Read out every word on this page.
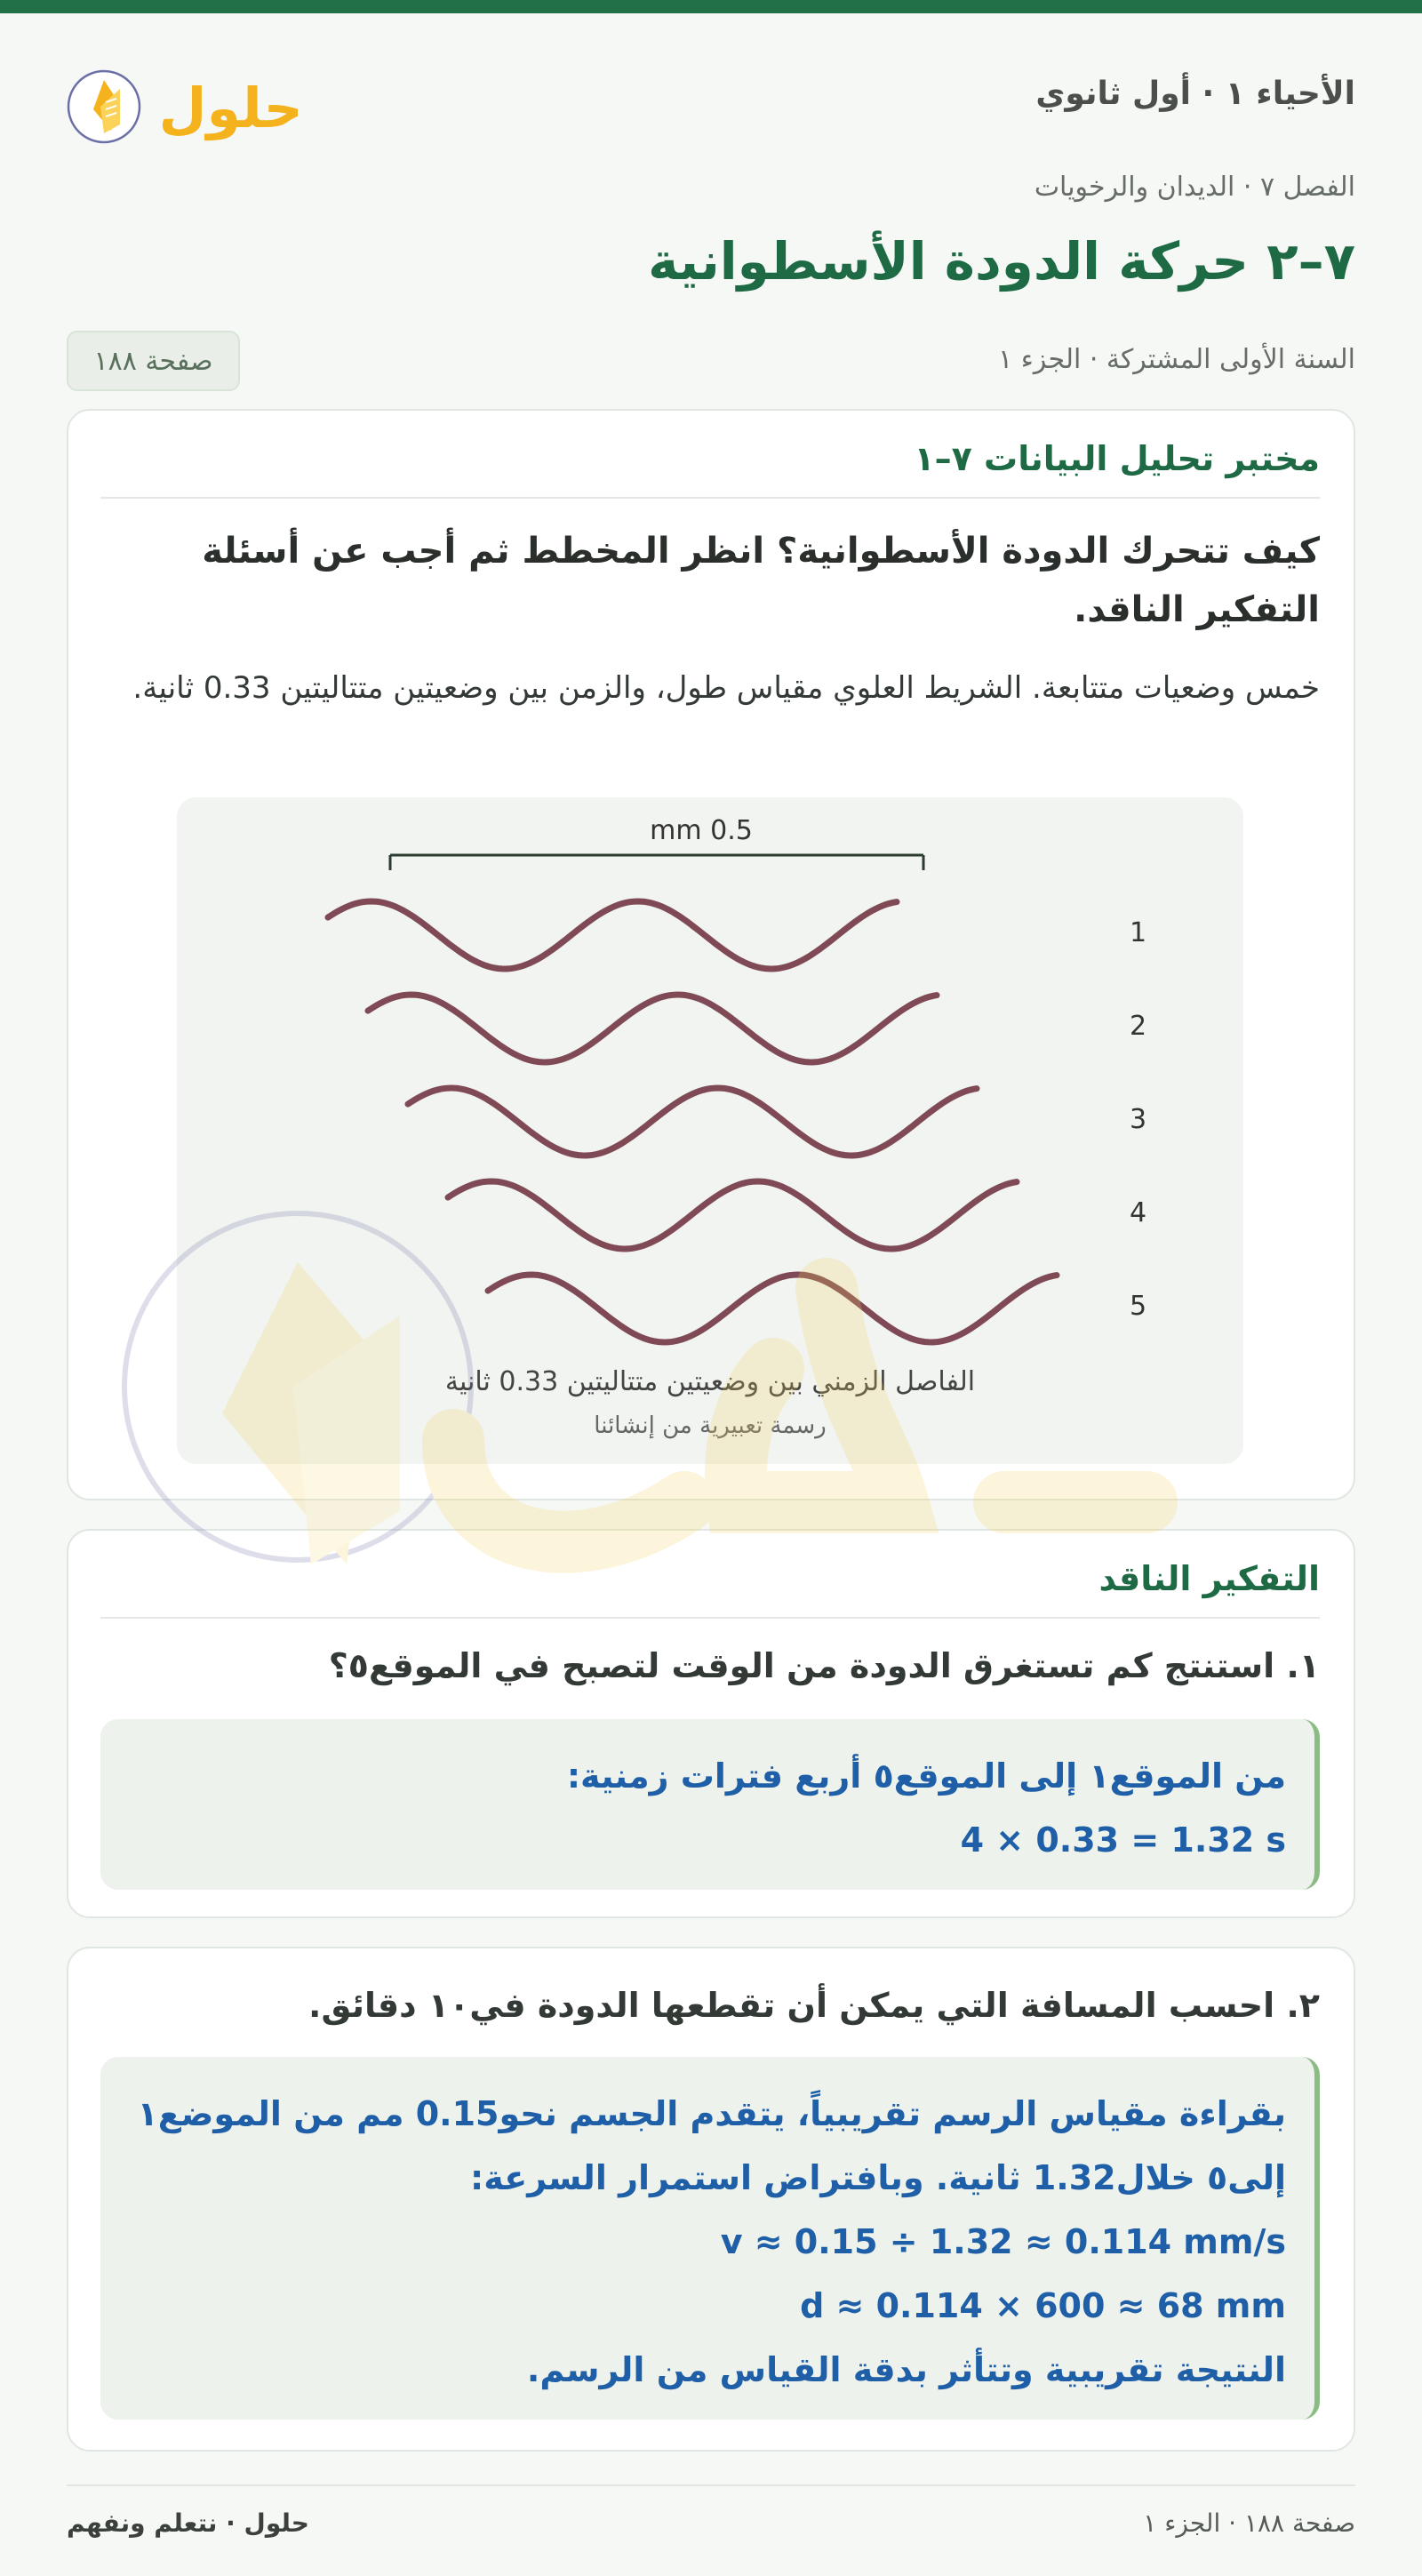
الأحياء ١ · أول ثانوي
حلول
الفصل ٧ · الديدان والرخويات
٧–٢ حركة الدودة الأسطوانية
السنة الأولى المشتركة · الجزء ١
صفحة ١٨٨
مختبر تحليل البيانات ٧–١
كيف تتحرك الدودة الأسطوانية؟ انظر المخطط ثم أجب عن أسئلة التفكير الناقد.
خمس وضعيات متتابعة. الشريط العلوي مقياس طول، والزمن بين وضعيتين متتاليتين 0.33 ثانية.
0.5 mm
1
2
3
4
5
الفاصل الزمني بين وضعيتين متتاليتين 0.33 ثانية
رسمة تعبيرية من إنشائنا
التفكير الناقد
١. استنتج كم تستغرق الدودة من الوقت لتصبح في الموقع٥؟
من الموقع١ إلى الموقع٥ أربع فترات زمنية:
4 × 0.33 = 1.32 s
٢. احسب المسافة التي يمكن أن تقطعها الدودة في١٠ دقائق.
بقراءة مقياس الرسم تقريبياً، يتقدم الجسم نحو0.15 مم من الموضع١ إلى٥ خلال1.32 ثانية. وبافتراض استمرار السرعة:
v ≈ 0.15 ÷ 1.32 ≈ 0.114 mm/s
d ≈ 0.114 × 600 ≈ 68 mm
النتيجة تقريبية وتتأثر بدقة القياس من الرسم.
حلول · نتعلم ونفهم	صفحة ١٨٨ · الجزء ١
